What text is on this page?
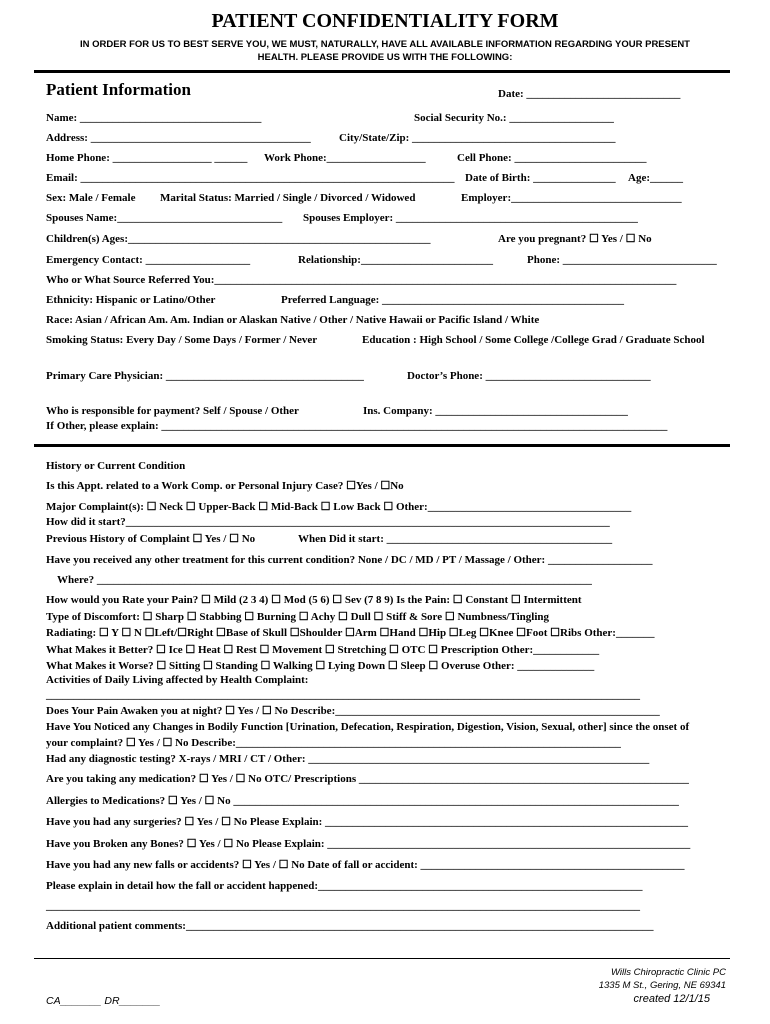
PATIENT CONFIDENTIALITY FORM
IN ORDER FOR US TO BEST SERVE YOU, WE MUST, NATURALLY, HAVE ALL AVAILABLE INFORMATION REGARDING YOUR PRESENT
HEALTH. PLEASE PROVIDE US WITH THE FOLLOWING:
Patient Information	Date: ____________________________
Name: _________________________________	Social Security No.: ___________________
Address: ________________________________________	City/State/Zip: _____________________________________
Home Phone: __________________ ______ Work Phone:__________________	Cell Phone: ________________________
Email: ____________________________________________________________________ Date of Birth: _______________ Age:______
Sex: Male / Female Marital Status: Married / Single / Divorced / Widowed	Employer:_______________________________
Spouses Name:______________________________ Spouses Employer: ____________________________________________
Children(s) Ages:_______________________________________________________	Are you pregnant? ☐ Yes / ☐ No
Emergency Contact: ___________________	Relationship:________________________	Phone: ____________________________
Who or What Source Referred You:____________________________________________________________________________________
Ethnicity: Hispanic or Latino/Other	Preferred Language: ____________________________________________
Race: Asian / African Am. Am. Indian or Alaskan Native / Other / Native Hawaii or Pacific Island / White
Smoking Status: Every Day / Some Days / Former / Never	Education : High School / Some College /College Grad / Graduate School
Primary Care Physician: ____________________________________	Doctor’s Phone: ______________________________
Who is responsible for payment? Self / Spouse / Other	Ins. Company: ___________________________________
If Other, please explain: ____________________________________________________________________________________________
History or Current Condition
Is this Appt. related to a Work Comp. or Personal Injury Case? ☐Yes / ☐No
Major Complaint(s): ☐ Neck ☐ Upper-Back ☐ Mid-Back ☐ Low Back ☐ Other:_____________________________________
How did it start?________________________________________________________________________________________
Previous History of Complaint ☐ Yes / ☐ No	When Did it start: _________________________________________
Have you received any other treatment for this current condition? None / DC / MD / PT / Massage / Other: ___________________
Where? __________________________________________________________________________________________
How would you Rate your Pain? ☐ Mild (2 3 4) ☐ Mod (5 6) ☐ Sev (7 8 9) Is the Pain: ☐ Constant ☐ Intermittent
Type of Discomfort: ☐ Sharp ☐ Stabbing ☐ Burning ☐ Achy ☐ Dull ☐ Stiff & Sore ☐ Numbness/Tingling
Radiating: ☐ Y ☐ N ☐Left/☐Right ☐Base of Skull ☐Shoulder ☐Arm ☐Hand ☐Hip ☐Leg ☐Knee ☐Foot ☐Ribs Other:_______
What Makes it Better? ☐ Ice ☐ Heat ☐ Rest ☐ Movement ☐ Stretching ☐ OTC ☐ Prescription Other:____________
What Makes it Worse? ☐ Sitting ☐ Standing ☐ Walking ☐ Lying Down ☐ Sleep ☐ Overuse Other: ______________
Activities of Daily Living affected by Health Complaint:
____________________________________________________________________________________________________________
Does Your Pain Awaken you at night? ☐ Yes / ☐ No Describe:___________________________________________________________
Have You Noticed any Changes in Bodily Function [Urination, Defecation, Respiration, Digestion, Vision, Sexual, other] since the onset of
your complaint? ☐ Yes / ☐ No Describe:______________________________________________________________________
Had any diagnostic testing? X-rays / MRI / CT / Other: ______________________________________________________________
Are you taking any medication? ☐ Yes / ☐ No OTC/ Prescriptions ____________________________________________________________
Allergies to Medications? ☐ Yes / ☐ No _________________________________________________________________________________
Have you had any surgeries? ☐ Yes / ☐ No Please Explain: __________________________________________________________________
Have you Broken any Bones? ☐ Yes / ☐ No Please Explain: __________________________________________________________________
Have you had any new falls or accidents? ☐ Yes / ☐ No Date of fall or accident: ________________________________________________
Please explain in detail how the fall or accident happened:___________________________________________________________
____________________________________________________________________________________________________________
Additional patient comments:_____________________________________________________________________________________
Wills Chiropractic Clinic PC
1335 M St., Gering, NE 69341
created 12/1/15
CA_______ DR_______
